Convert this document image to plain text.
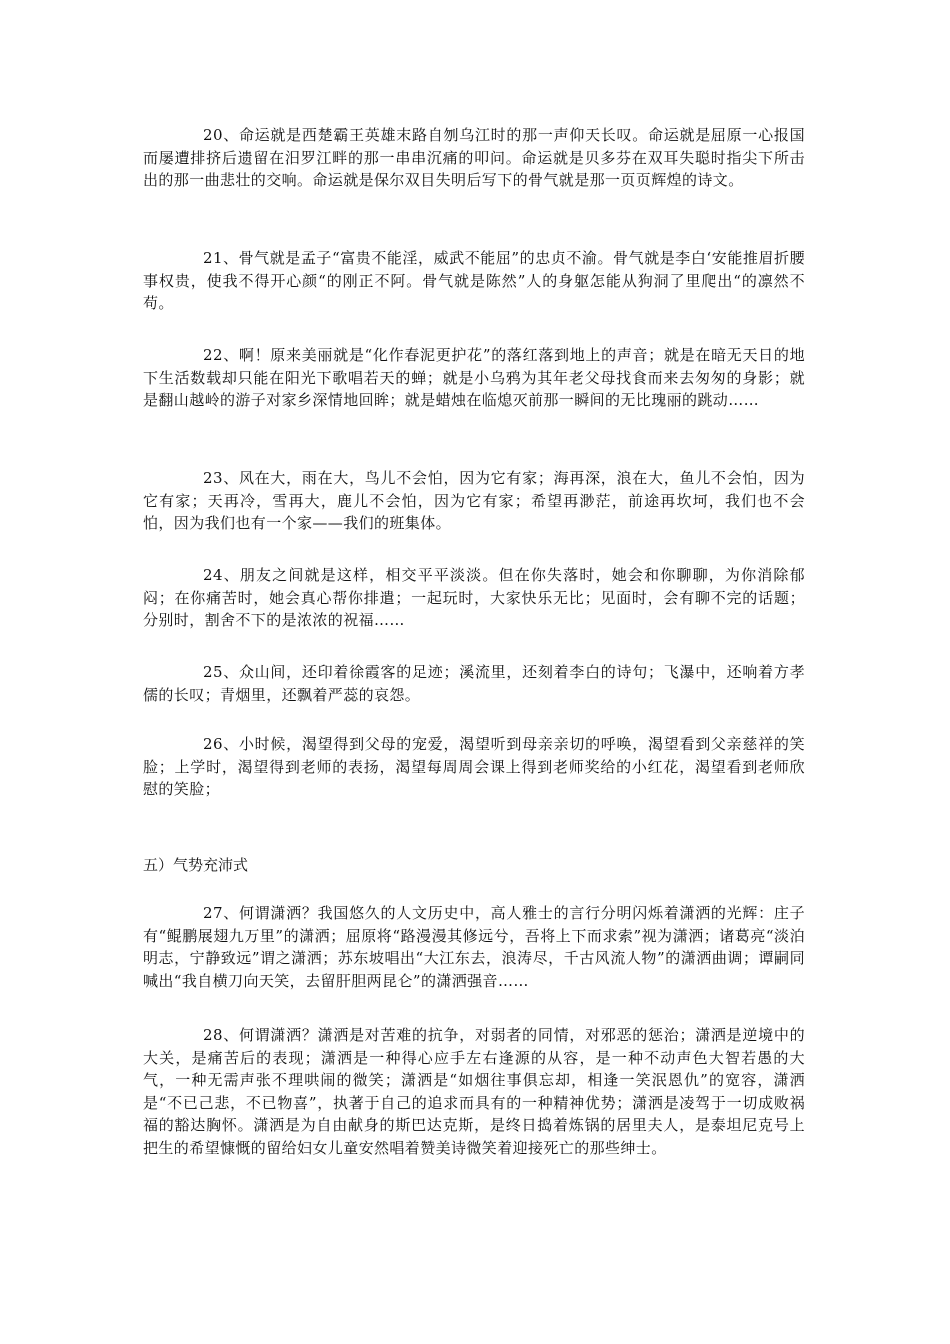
20、命运就是西楚霸王英雄末路自刎乌江时的那一声仰天长叹。命运就是屈原一心报国而屡遭排挤后遗留在汨罗江畔的那一串串沉痛的叩问。命运就是贝多芬在双耳失聪时指尖下所击出的那一曲悲壮的交响。命运就是保尔双目失明后写下的骨气就是那一页页辉煌的诗文。

21、骨气就是孟子“富贵不能淫，威武不能屈”的忠贞不渝。骨气就是李白‘安能推眉折腰事权贵，使我不得开心颜“的刚正不阿。骨气就是陈然”人的身躯怎能从狗洞了里爬出“的凛然不苟。

22、啊！原来美丽就是“化作春泥更护花”的落红落到地上的声音；就是在暗无天日的地下生活数载却只能在阳光下歌唱若天的蝉；就是小乌鸦为其年老父母找食而来去匆匆的身影；就是翻山越岭的游子对家乡深情地回眸；就是蜡烛在临熄灭前那一瞬间的无比瑰丽的跳动……

23、风在大，雨在大，鸟儿不会怕，因为它有家；海再深，浪在大，鱼儿不会怕，因为它有家；天再冷，雪再大，鹿儿不会怕，因为它有家；希望再渺茫，前途再坎坷，我们也不会怕，因为我们也有一个家——我们的班集体。

24、朋友之间就是这样，相交平平淡淡。但在你失落时，她会和你聊聊，为你消除郁闷；在你痛苦时，她会真心帮你排遣；一起玩时，大家快乐无比；见面时，会有聊不完的话题；分别时，割舍不下的是浓浓的祝福……

25、众山间，还印着徐霞客的足迹；溪流里，还刻着李白的诗句；飞瀑中，还响着方孝儒的长叹；青烟里，还飘着严蕊的哀怨。

26、小时候，渴望得到父母的宠爱，渴望听到母亲亲切的呼唤，渴望看到父亲慈祥的笑脸；上学时，渴望得到老师的表扬，渴望每周周会课上得到老师奖给的小红花，渴望看到老师欣慰的笑脸；

五）气势充沛式

27、何谓潇洒？我国悠久的人文历史中，高人雅士的言行分明闪烁着潇洒的光辉：庄子有“鲲鹏展翅九万里”的潇洒；屈原将“路漫漫其修远兮，吾将上下而求索”视为潇洒；诸葛亮“淡泊明志，宁静致远”谓之潇洒；苏东坡唱出“大江东去，浪涛尽，千古风流人物”的潇洒曲调；谭嗣同喊出“我自横刀向天笑，去留肝胆两昆仑”的潇洒强音……

28、何谓潇洒？潇洒是对苦难的抗争，对弱者的同情，对邪恶的惩治；潇洒是逆境中的大关，是痛苦后的表现；潇洒是一种得心应手左右逢源的从容，是一种不动声色大智若愚的大气，一种无需声张不理哄闹的微笑；潇洒是“如烟往事俱忘却，相逢一笑泯恩仇”的宽容，潇洒是“不已己悲，不已物喜”，执著于自己的追求而具有的一种精神优势；潇洒是凌驾于一切成败祸福的豁达胸怀。潇洒是为自由献身的斯巴达克斯，是终日捣着炼锅的居里夫人，是泰坦尼克号上把生的希望慷慨的留给妇女儿童安然唱着赞美诗微笑着迎接死亡的那些绅士。
